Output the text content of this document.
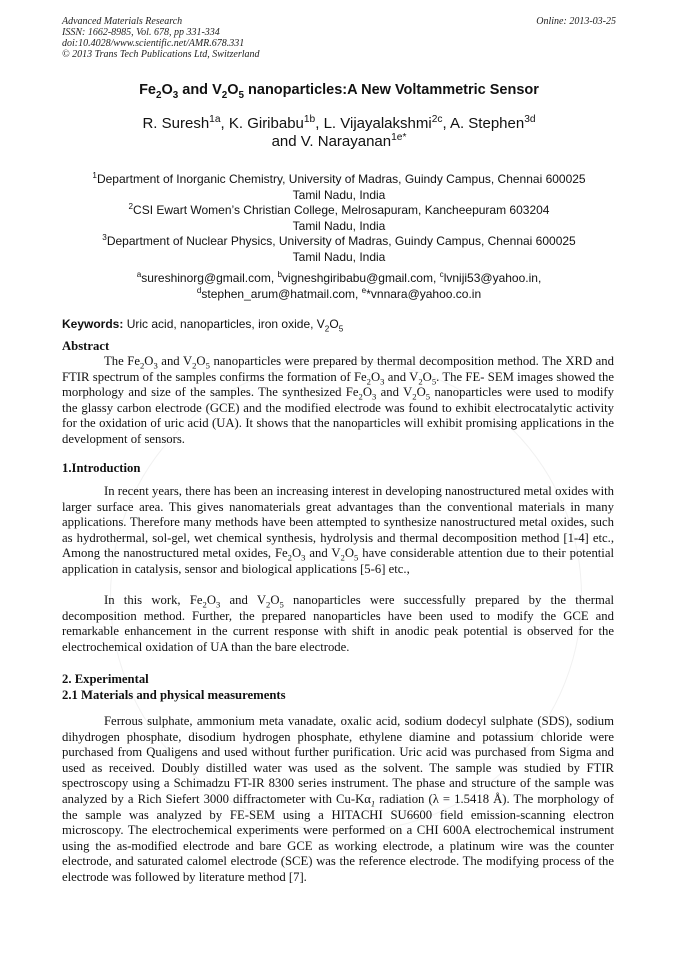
Advanced Materials Research
ISSN: 1662-8985, Vol. 678, pp 331-334
doi:10.4028/www.scientific.net/AMR.678.331
© 2013 Trans Tech Publications Ltd, Switzerland
Online: 2013-03-25
$Fe_2O_3$ and $V_2O_5$ nanoparticles:A New Voltammetric Sensor
R. Suresh$^{1a}$, K. Giribabu$^{1b}$, L. Vijayalakshmi$^{2c}$, A. Stephen$^{3d}$
and V. Narayanan$^{1e*}$
$^1$Department of Inorganic Chemistry, University of Madras, Guindy Campus, Chennai 600025
Tamil Nadu, India
$^2$CSI Ewart Women’s Christian College, Melrosapuram, Kancheepuram 603204
Tamil Nadu, India
$^3$Department of Nuclear Physics, University of Madras, Guindy Campus, Chennai 600025
Tamil Nadu, India
$^a$sureshinorg@gmail.com, $^b$vigneshgiribabu@gmail.com, $^c$lvniji53@yahoo.in,
$^d$stephen_arum@hatmail.com, $^e$*vnnara@yahoo.co.in
Keywords: Uric acid, nanoparticles, iron oxide, $V_2O_5$
Abstract
The $Fe_2O_3$ and $V_2O_5$ nanoparticles were prepared by thermal decomposition method. The XRD and FTIR spectrum of the samples confirms the formation of $Fe_2O_3$ and $V_2O_5$. The FE- SEM images showed the morphology and size of the samples. The synthesized $Fe_2O_3$ and $V_2O_5$ nanoparticles were used to modify the glassy carbon electrode (GCE) and the modified electrode was found to exhibit electrocatalytic activity for the oxidation of uric acid (UA). It shows that the nanoparticles will exhibit promising applications in the development of sensors.
1.Introduction
In recent years, there has been an increasing interest in developing nanostructured metal oxides with larger surface area. This gives nanomaterials great advantages than the conventional materials in many applications. Therefore many methods have been attempted to synthesize nanostructured metal oxides, such as hydrothermal, sol-gel, wet chemical synthesis, hydrolysis and thermal decomposition method [1-4] etc., Among the nanostructured metal oxides, $Fe_2O_3$ and $V_2O_5$ have considerable attention due to their potential application in catalysis, sensor and biological applications [5-6] etc.,
In this work, $Fe_2O_3$ and $V_2O_5$ nanoparticles were successfully prepared by the thermal decomposition method. Further, the prepared nanoparticles have been used to modify the GCE and remarkable enhancement in the current response with shift in anodic peak potential is observed for the electrochemical oxidation of UA than the bare electrode.
2. Experimental
2.1 Materials and physical measurements
Ferrous sulphate, ammonium meta vanadate, oxalic acid, sodium dodecyl sulphate (SDS), sodium dihydrogen phosphate, disodium hydrogen phosphate, ethylene diamine and potassium chloride were purchased from Qualigens and used without further purification. Uric acid was purchased from Sigma and used as received. Doubly distilled water was used as the solvent. The sample was studied by FTIR spectroscopy using a Schimadzu FT-IR 8300 series instrument. The phase and structure of the sample was analyzed by a Rich Siefert 3000 diffractometer with $Cu-K\alpha_1$ radiation (λ = 1.5418 Å). The morphology of the sample was analyzed by FE-SEM using a HITACHI SU6600 field emission-scanning electron microscopy. The electrochemical experiments were performed on a CHI 600A electrochemical instrument using the as-modified electrode and bare GCE as working electrode, a platinum wire was the counter electrode, and saturated calomel electrode (SCE) was the reference electrode. The modifying process of the electrode was followed by literature method [7].
